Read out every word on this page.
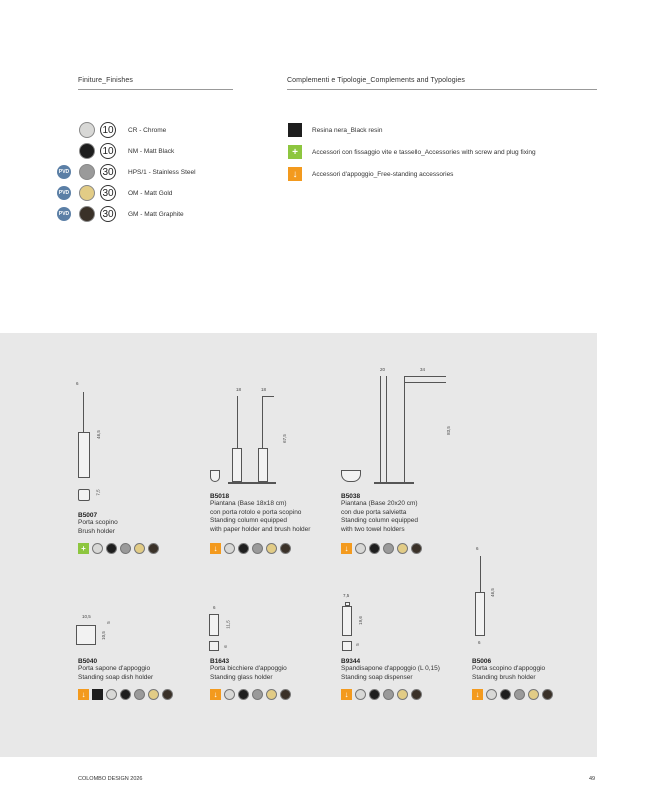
Finiture_Finishes	Complementi e Tipologie_Complements and Typologies
10	CR - Chrome
10	NM - Matt Black
PVD	30	HPS/1 - Stainless Steel
PVD	30	OM - Matt Gold
PVD	30	GM - Matt Graphite
Resina nera_Black resin
+	Accessori con fissaggio vite e tassello_Accessories with screw and plug fixing
↓	Accessori d'appoggio_Free-standing accessories
6
46,5
7,5
18	18
67,5
20	34
83,5
10,5
10,5
5
6
11,5
6
7,5
19,6
5
6
46,5
6
B5007
Porta scopino
Brush holder
B5018
Piantana (Base 18x18 cm)
con porta rotolo e porta scopino
Standing column equipped
with paper holder and brush holder
B5038
Piantana (Base 20x20 cm)
con due porta salvietta
Standing column equipped
with two towel holders
B5040
Porta sapone d'appoggio
Standing soap dish holder
B1643
Porta bicchiere d'appoggio
Standing glass holder
B9344
Spandisapone d'appoggio (L 0,15)
Standing soap dispenser
B5006
Porta scopino d'appoggio
Standing brush holder
+	↓	↓
↓	↓	↓	↓
COLOMBO DESIGN 2026	49
